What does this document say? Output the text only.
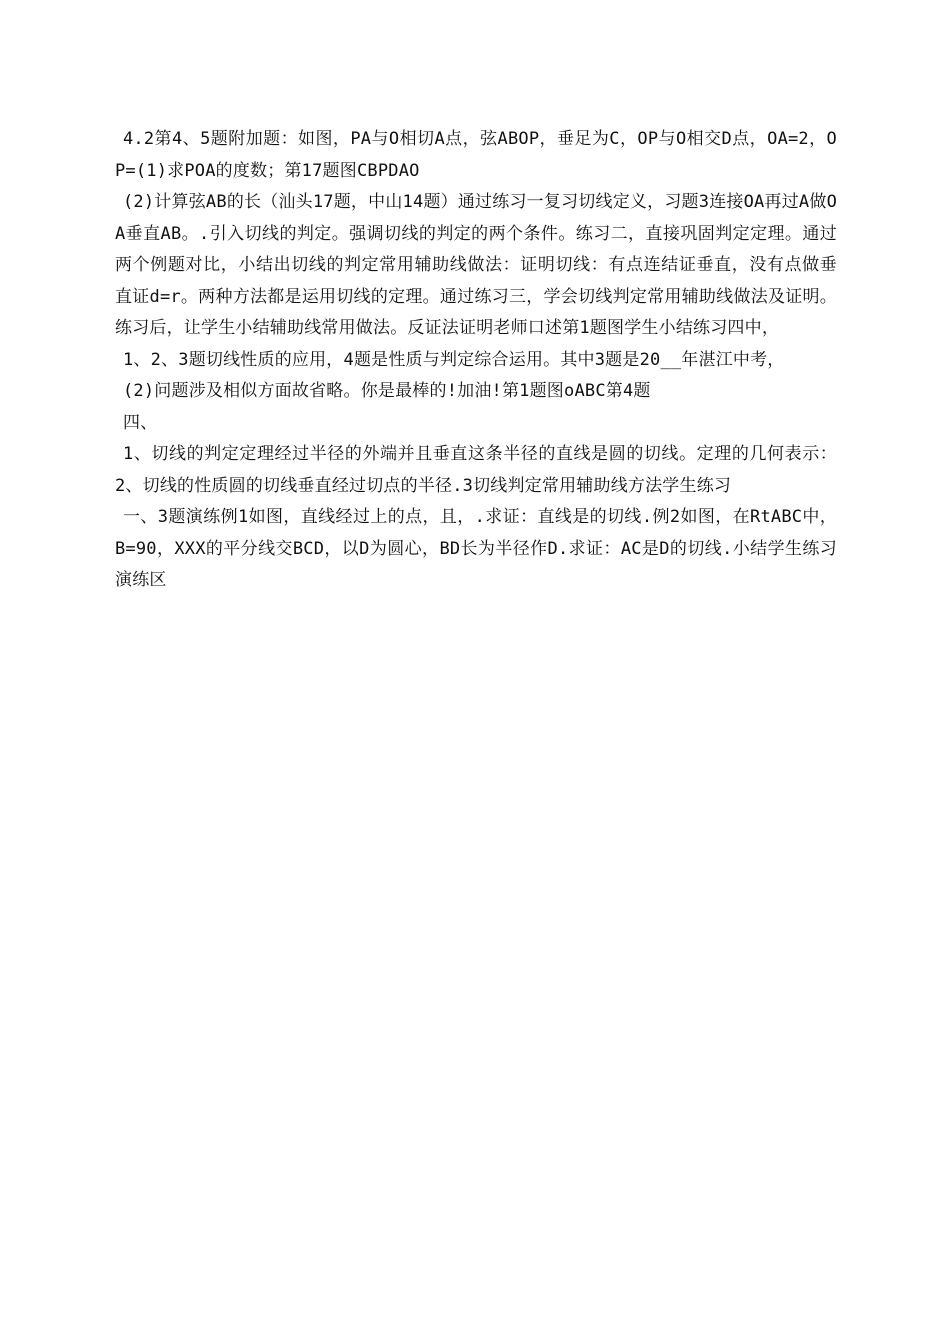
4.2第4、5题附加题：如图，PA与O相切A点，弦ABOP，垂足为C，OP与O相交D点，OA=2，OP=(1)求POA的度数；第17题图CBPDAO

(2)计算弦AB的长（汕头17题，中山14题）通过练习一复习切线定义，习题3连接OA再过A做OA垂直AB。.引入切线的判定。强调切线的判定的两个条件。练习二，直接巩固判定定理。通过两个例题对比，小结出切线的判定常用辅助线做法：证明切线：有点连结证垂直，没有点做垂直证d=r。两种方法都是运用切线的定理。通过练习三，学会切线判定常用辅助线做法及证明。练习后，让学生小结辅助线常用做法。反证法证明老师口述第1题图学生小结练习四中，

1、2、3题切线性质的应用，4题是性质与判定综合运用。其中3题是20__年湛江中考，

(2)问题涉及相似方面故省略。你是最棒的!加油!第1题图oABC第4题

四、

1、切线的判定定理经过半径的外端并且垂直这条半径的直线是圆的切线。定理的几何表示：2、切线的性质圆的切线垂直经过切点的半径.3切线判定常用辅助线方法学生练习

一、3题演练例1如图，直线经过上的点，且，.求证：直线是的切线.例2如图，在RtABC中，B=90，XXX的平分线交BCD，以D为圆心，BD长为半径作D.求证：AC是D的切线.小结学生练习演练区
